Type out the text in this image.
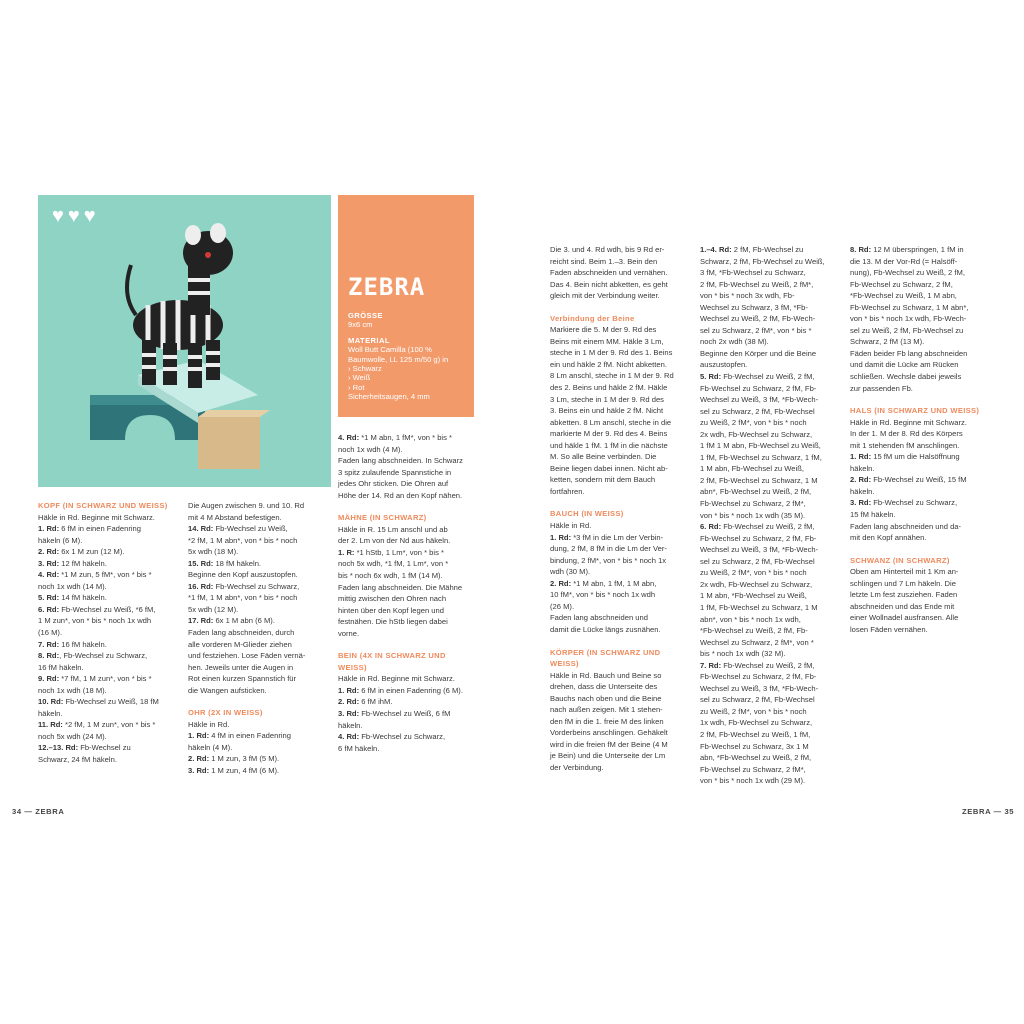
♥ ♥ ♥
ZEBRA
GRÖSSE
9x6 cm
MATERIAL
Woll Butt Camilla (100 % Baumwolle, LL 125 m/50 g) in
› Schwarz
› Weiß
› Rot
Sicherheitsaugen, 4 mm

KOPF (IN SCHWARZ UND WEISS)

Häkle in Rd. Beginne mit Schwarz.

1. Rd: 6 fM in einen Fadenring

häkeln (6 M).

2. Rd: 6x 1 M zun (12 M).

3. Rd: 12 fM häkeln.

4. Rd: *1 M zun, 5 fM*, von * bis *

noch 1x wdh (14 M).

5. Rd: 14 fM häkeln.

6. Rd: Fb-Wechsel zu Weiß, *6 fM,

1 M zun*, von * bis * noch 1x wdh

(16 M).

7. Rd: 16 fM häkeln.

8. Rd:, Fb-Wechsel zu Schwarz,

16 fM häkeln.

9. Rd: *7 fM, 1 M zun*, von * bis *

noch 1x wdh (18 M).

10. Rd: Fb-Wechsel zu Weiß, 18 fM

häkeln.

11. Rd: *2 fM, 1 M zun*, von * bis *

noch 5x wdh (24 M).

12.–13. Rd: Fb-Wechsel zu

Schwarz, 24 fM häkeln.

Die Augen zwischen 9. und 10. Rd

mit 4 M Abstand befestigen.

14. Rd: Fb-Wechsel zu Weiß,

*2 fM, 1 M abn*, von * bis * noch

5x wdh (18 M).

15. Rd: 18 fM häkeln.

Beginne den Kopf auszustopfen.

16. Rd: Fb-Wechsel zu Schwarz,

*1 fM, 1 M abn*, von * bis * noch

5x wdh (12 M).

17. Rd: 6x 1 M abn (6 M).

Faden lang abschneiden, durch

alle vorderen M-Glieder ziehen

und festziehen. Lose Fäden vernä-

hen. Jeweils unter die Augen in

Rot einen kurzen Spannstich für

die Wangen aufsticken.

OHR (2X IN WEISS)

Häkle in Rd.

1. Rd: 4 fM in einen Fadenring

häkeln (4 M).

2. Rd: 1 M zun, 3 fM (5 M).

3. Rd: 1 M zun, 4 fM (6 M).

4. Rd: *1 M abn, 1 fM*, von * bis *

noch 1x wdh (4 M).

Faden lang abschneiden. In Schwarz

3 spitz zulaufende Spannstiche in

jedes Ohr sticken. Die Ohren auf

Höhe der 14. Rd an den Kopf nähen.

MÄHNE (IN SCHWARZ)

Häkle in R. 15 Lm anschl und ab

der 2. Lm von der Nd aus häkeln.

1. R: *1 hStb, 1 Lm*, von * bis *

noch 5x wdh, *1 fM, 1 Lm*, von *

bis * noch 6x wdh, 1 fM (14 M).

Faden lang abschneiden. Die Mähne

mittig zwischen den Ohren nach

hinten über den Kopf legen und

festnähen. Die hStb liegen dabei

vorne.

BEIN (4X IN SCHWARZ UND

WEISS)

Häkle in Rd. Beginne mit Schwarz.

1. Rd: 6 fM in einen Fadenring (6 M).

2. Rd: 6 fM ihM.

3. Rd: Fb-Wechsel zu Weiß, 6 fM

häkeln.

4. Rd: Fb-Wechsel zu Schwarz,

6 fM häkeln.

34 — ZEBRA

Die 3. und 4. Rd wdh, bis 9 Rd er-

reicht sind. Beim 1.–3. Bein den

Faden abschneiden und vernähen.

Das 4. Bein nicht abketten, es geht

gleich mit der Verbindung weiter.

Verbindung der Beine

Markiere die 5. M der 9. Rd des

Beins mit einem MM. Häkle 3 Lm,

steche in 1 M der 9. Rd des 1. Beins

ein und häkle 2 fM. Nicht abketten.

8 Lm anschl, steche in 1 M der 9. Rd

des 2. Beins und häkle 2 fM. Häkle

3 Lm, steche in 1 M der 9. Rd des

3. Beins ein und häkle 2 fM. Nicht

abketten. 8 Lm anschl, steche in die

markierte M der 9. Rd des 4. Beins

und häkle 1 fM. 1 fM in die nächste

M. So alle Beine verbinden. Die

Beine liegen dabei innen. Nicht ab-

ketten, sondern mit dem Bauch

fortfahren.

BAUCH (IN WEISS)

Häkle in Rd.

1. Rd: *3 fM in die Lm der Verbin-

dung, 2 fM, 8 fM in die Lm der Ver-

bindung, 2 fM*, von * bis * noch 1x

wdh (30 M).

2. Rd: *1 M abn, 1 fM, 1 M abn,

10 fM*, von * bis * noch 1x wdh

(26 M).

Faden lang abschneiden und

damit die Lücke längs zusnähen.

KÖRPER (IN SCHWARZ UND

WEISS)

Häkle in Rd. Bauch und Beine so

drehen, dass die Unterseite des

Bauchs nach oben und die Beine

nach außen zeigen. Mit 1 stehen-

den fM in die 1. freie M des linken

Vorderbeins anschlingen. Gehäkelt

wird in die freien fM der Beine (4 M

je Bein) und die Unterseite der Lm

der Verbindung.

1.–4. Rd: 2 fM, Fb-Wechsel zu

Schwarz, 2 fM, Fb-Wechsel zu Weiß,

3 fM, *Fb-Wechsel zu Schwarz,

2 fM, Fb-Wechsel zu Weiß, 2 fM*,

von * bis * noch 3x wdh, Fb-

Wechsel zu Schwarz, 3 fM, *Fb-

Wechsel zu Weiß, 2 fM, Fb-Wech-

sel zu Schwarz, 2 fM*, von * bis *

noch 2x wdh (38 M).

Beginne den Körper und die Beine

auszustopfen.

5. Rd: Fb-Wechsel zu Weiß, 2 fM,

Fb-Wechsel zu Schwarz, 2 fM, Fb-

Wechsel zu Weiß, 3 fM, *Fb-Wech-

sel zu Schwarz, 2 fM, Fb-Wechsel

zu Weiß, 2 fM*, von * bis * noch

2x wdh, Fb-Wechsel zu Schwarz,

1 fM 1 M abn, Fb-Wechsel zu Weiß,

1 fM, Fb-Wechsel zu Schwarz, 1 fM,

1 M abn, Fb-Wechsel zu Weiß,

2 fM, Fb-Wechsel zu Schwarz, 1 M

abn*, Fb-Wechsel zu Weiß, 2 fM,

Fb-Wechsel zu Schwarz, 2 fM*,

von * bis * noch 1x wdh (35 M).

6. Rd: Fb-Wechsel zu Weiß, 2 fM,

Fb-Wechsel zu Schwarz, 2 fM, Fb-

Wechsel zu Weiß, 3 fM, *Fb-Wech-

sel zu Schwarz, 2 fM, Fb-Wechsel

zu Weiß, 2 fM*, von * bis * noch

2x wdh, Fb-Wechsel zu Schwarz,

1 M abn, *Fb-Wechsel zu Weiß,

1 fM, Fb-Wechsel zu Schwarz, 1 M

abn*, von * bis * noch 1x wdh,

*Fb-Wechsel zu Weiß, 2 fM, Fb-

Wechsel zu Schwarz, 2 fM*, von *

bis * noch 1x wdh (32 M).

7. Rd: Fb-Wechsel zu Weiß, 2 fM,

Fb-Wechsel zu Schwarz, 2 fM, Fb-

Wechsel zu Weiß, 3 fM, *Fb-Wech-

sel zu Schwarz, 2 fM, Fb-Wechsel

zu Weiß, 2 fM*, von * bis * noch

1x wdh, Fb-Wechsel zu Schwarz,

2 fM, Fb-Wechsel zu Weiß, 1 fM,

Fb-Wechsel zu Schwarz, 3x 1 M

abn, *Fb-Wechsel zu Weiß, 2 fM,

Fb-Wechsel zu Schwarz, 2 fM*,

von * bis * noch 1x wdh (29 M).

8. Rd: 12 M überspringen, 1 fM in

die 13. M der Vor-Rd (= Halsöff-

nung), Fb-Wechsel zu Weiß, 2 fM,

Fb-Wechsel zu Schwarz, 2 fM,

*Fb-Wechsel zu Weiß, 1 M abn,

Fb-Wechsel zu Schwarz, 1 M abn*,

von * bis * noch 1x wdh, Fb-Wech-

sel zu Weiß, 2 fM, Fb-Wechsel zu

Schwarz, 2 fM (13 M).

Fäden beider Fb lang abschneiden

und damit die Lücke am Rücken

schließen. Wechsle dabei jeweils

zur passenden Fb.

HALS (IN SCHWARZ UND WEISS)

Häkle in Rd. Beginne mit Schwarz.

In der 1. M der 8. Rd des Körpers

mit 1 stehenden fM anschlingen.

1. Rd: 15 fM um die Halsöffnung

häkeln.

2. Rd: Fb-Wechsel zu Weiß, 15 fM

häkeln.

3. Rd: Fb-Wechsel zu Schwarz,

15 fM häkeln.

Faden lang abschneiden und da-

mit den Kopf annähen.

SCHWANZ (IN SCHWARZ)

Oben am Hinterteil mit 1 Km an-

schlingen und 7 Lm häkeln. Die

letzte Lm fest zusziehen. Faden

abschneiden und das Ende mit

einer Wollnadel ausfransen. Alle

losen Fäden vernähen.

ZEBRA — 35
